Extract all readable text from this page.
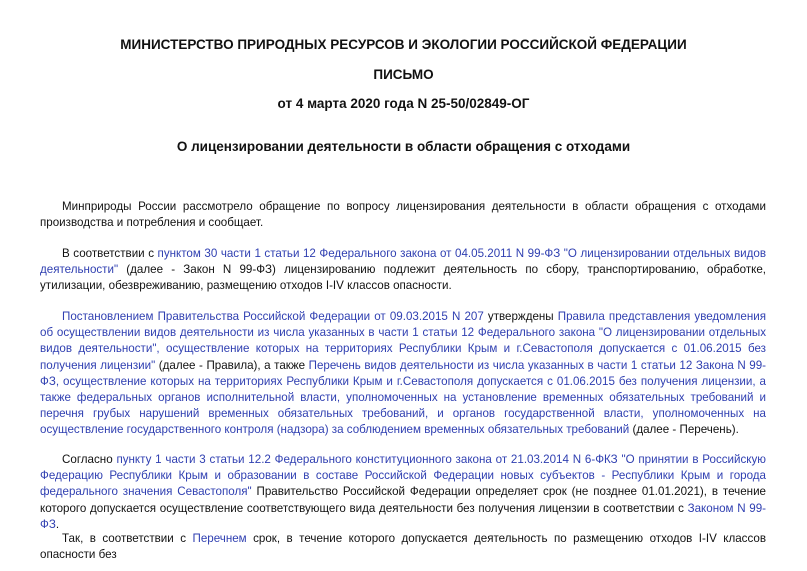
МИНИСТЕРСТВО ПРИРОДНЫХ РЕСУРСОВ И ЭКОЛОГИИ РОССИЙСКОЙ ФЕДЕРАЦИИ
ПИСЬМО
от 4 марта 2020 года N 25-50/02849-ОГ
О лицензировании деятельности в области обращения с отходами

Минприроды России рассмотрело обращение по вопросу лицензирования деятельности в области обращения с отходами производства и потребления и сообщает.

В соответствии с пунктом 30 части 1 статьи 12 Федерального закона от 04.05.2011 N 99-ФЗ "О лицензировании отдельных видов деятельности" (далее - Закон N 99-ФЗ) лицензированию подлежит деятельность по сбору, транспортированию, обработке, утилизации, обезвреживанию, размещению отходов I-IV классов опасности.

Постановлением Правительства Российской Федерации от 09.03.2015 N 207 утверждены Правила представления уведомления об осуществлении видов деятельности из числа указанных в части 1 статьи 12 Федерального закона "О лицензировании отдельных видов деятельности", осуществление которых на территориях Республики Крым и г.Севастополя допускается с 01.06.2015 без получения лицензии" (далее - Правила), а также Перечень видов деятельности из числа указанных в части 1 статьи 12 Закона N 99-ФЗ, осуществление которых на территориях Республики Крым и г.Севастополя допускается с 01.06.2015 без получения лицензии, а также федеральных органов исполнительной власти, уполномоченных на установление временных обязательных требований и перечня грубых нарушений временных обязательных требований, и органов государственной власти, уполномоченных на осуществление государственного контроля (надзора) за соблюдением временных обязательных требований (далее - Перечень).

Согласно пункту 1 части 3 статьи 12.2 Федерального конституционного закона от 21.03.2014 N 6-ФКЗ "О принятии в Российскую Федерацию Республики Крым и образовании в составе Российской Федерации новых субъектов - Республики Крым и города федерального значения Севастополя" Правительство Российской Федерации определяет срок (не позднее 01.01.2021), в течение которого допускается осуществление соответствующего вида деятельности без получения лицензии в соответствии с Законом N 99-ФЗ.

Так, в соответствии с Перечнем срок, в течение которого допускается деятельность по размещению отходов I-IV классов опасности без
